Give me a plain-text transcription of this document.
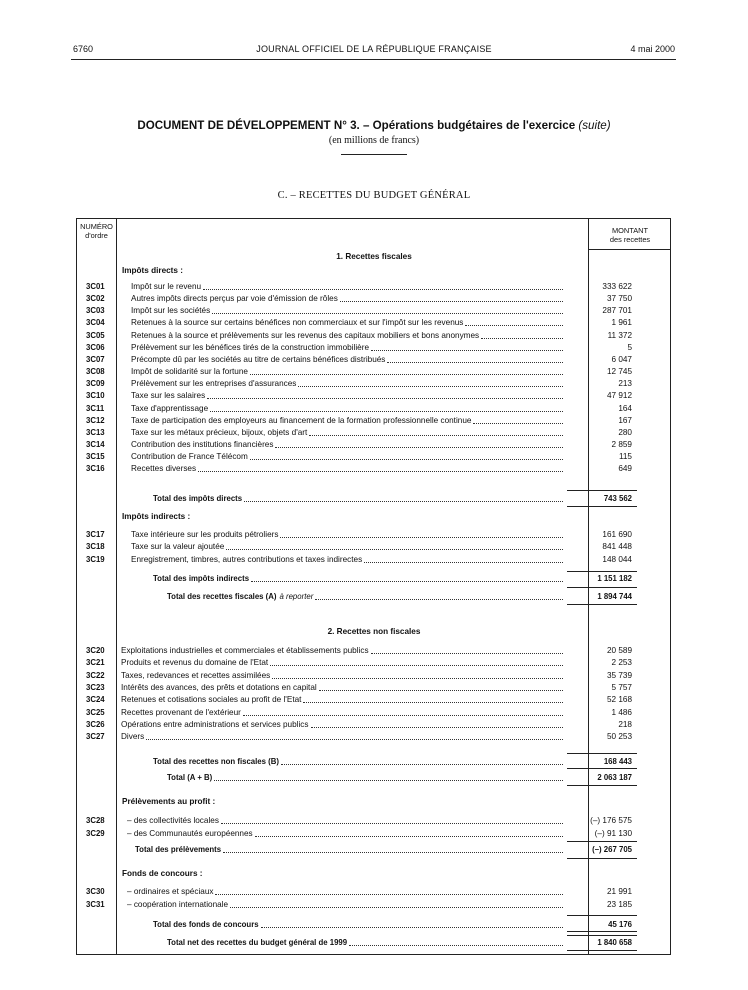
6760	JOURNAL OFFICIEL DE LA RÉPUBLIQUE FRANÇAISE	4 mai 2000
DOCUMENT DE DÉVELOPPEMENT N° 3. – Opérations budgétaires de l'exercice (suite)
(en millions de francs)
C. – RECETTES DU BUDGET GÉNÉRAL
NUMÉRO
d'ordre
MONTANT
des recettes
1. Recettes fiscales
Impôts directs :
3C01	Impôt sur le revenu	333 622
3C02	Autres impôts directs perçus par voie d'émission de rôles	37 750
3C03	Impôt sur les sociétés	287 701
3C04	Retenues à la source sur certains bénéfices non commerciaux et sur l'impôt sur les revenus	1 961
3C05	Retenues à la source et prélèvements sur les revenus des capitaux mobiliers et bons anonymes	11 372
3C06	Prélèvement sur les bénéfices tirés de la construction immobilière	5
3C07	Précompte dû par les sociétés au titre de certains bénéfices distribués	6 047
3C08	Impôt de solidarité sur la fortune	12 745
3C09	Prélèvement sur les entreprises d'assurances	213
3C10	Taxe sur les salaires	47 912
3C11	Taxe d'apprentissage	164
3C12	Taxe de participation des employeurs au financement de la formation professionnelle continue	167
3C13	Taxe sur les métaux précieux, bijoux, objets d'art	280
3C14	Contribution des institutions financières	2 859
3C15	Contribution de France Télécom	115
3C16	Recettes diverses	649
Total des impôts directs	743 562
3C17	Taxe intérieure sur les produits pétroliers	161 690
3C18	Taxe sur la valeur ajoutée	841 448
3C19	Enregistrement, timbres, autres contributions et taxes indirectes	148 044
Total des impôts indirects	1 151 182
Total des recettes fiscales (A) à reporter	1 894 744
3C20 Exploitations industrielles et commerciales et établissements publics	20 589
3C21 Produits et revenus du domaine de l'Etat	2 253
3C22 Taxes, redevances et recettes assimilées	35 739
3C23 Intérêts des avances, des prêts et dotations en capital	5 757
3C24 Retenues et cotisations sociales au profit de l'Etat	52 168
3C25 Recettes provenant de l'extérieur	1 486
3C26 Opérations entre administrations et services publics	218
3C27 Divers	50 253
Total des recettes non fiscales (B)	168 443
Total (A + B)	2 063 187
3C28	– des collectivités locales	(–) 176 575
3C29	– des Communautés européennes	(–) 91 130
Total des prélèvements	(–) 267 705
3C30	– ordinaires et spéciaux	21 991
3C31	– coopération internationale	23 185
Total des fonds de concours	45 176
Total net des recettes du budget général de 1999	1 840 658
2. Recettes non fiscales
Prélèvements au profit :
Fonds de concours :
Impôts indirects :
